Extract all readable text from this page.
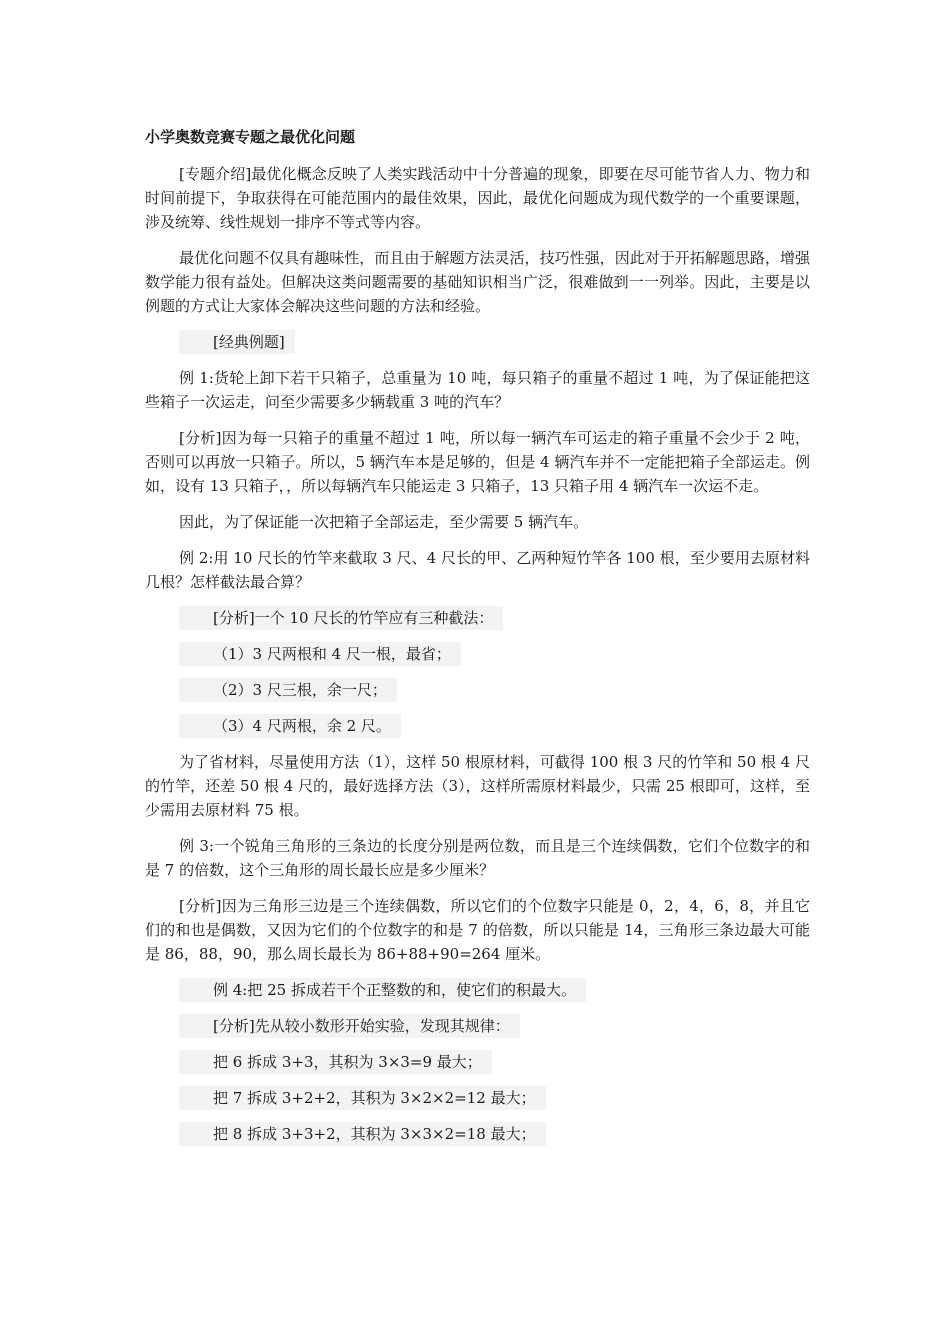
小学奥数竞赛专题之最优化问题

[专题介绍]最优化概念反映了人类实践活动中十分普遍的现象，即要在尽可能节省人力、物力和时间前提下，争取获得在可能范围内的最佳效果，因此，最优化问题成为现代数学的一个重要课题，涉及统筹、线性规划一排序不等式等内容。

最优化问题不仅具有趣味性，而且由于解题方法灵活，技巧性强，因此对于开拓解题思路，增强数学能力很有益处。但解决这类问题需要的基础知识相当广泛，很难做到一一列举。因此，主要是以例题的方式让大家体会解决这些问题的方法和经验。

[经典例题]

例 1:货轮上卸下若干只箱子，总重量为 10 吨，每只箱子的重量不超过 1 吨，为了保证能把这些箱子一次运走，问至少需要多少辆载重 3 吨的汽车？

[分析]因为每一只箱子的重量不超过 1 吨，所以每一辆汽车可运走的箱子重量不会少于 2 吨，否则可以再放一只箱子。所以，5 辆汽车本是足够的，但是 4 辆汽车并不一定能把箱子全部运走。例如，设有 13 只箱子，，所以每辆汽车只能运走 3 只箱子，13 只箱子用 4 辆汽车一次运不走。

因此，为了保证能一次把箱子全部运走，至少需要 5 辆汽车。

例 2:用 10 尺长的竹竿来截取 3 尺、4 尺长的甲、乙两种短竹竿各 100 根，至少要用去原材料几根？怎样截法最合算？

[分析]一个 10 尺长的竹竿应有三种截法：

（1）3 尺两根和 4 尺一根，最省；

（2）3 尺三根，余一尺；

（3）4 尺两根，余 2 尺。

为了省材料，尽量使用方法（1），这样 50 根原材料，可截得 100 根 3 尺的竹竿和 50 根 4 尺的竹竿，还差 50 根 4 尺的，最好选择方法（3），这样所需原材料最少，只需 25 根即可，这样，至少需用去原材料 75 根。

例 3:一个锐角三角形的三条边的长度分别是两位数，而且是三个连续偶数，它们个位数字的和是 7 的倍数，这个三角形的周长最长应是多少厘米？

[分析]因为三角形三边是三个连续偶数，所以它们的个位数字只能是 0，2，4，6，8，并且它们的和也是偶数，又因为它们的个位数字的和是 7 的倍数，所以只能是 14，三角形三条边最大可能是 86，88，90，那么周长最长为 86+88+90=264 厘米。

例 4:把 25 拆成若干个正整数的和，使它们的积最大。

[分析]先从较小数形开始实验，发现其规律：

把 6 拆成 3+3，其积为 3×3=9 最大；

把 7 拆成 3+2+2，其积为 3×2×2=12 最大；

把 8 拆成 3+3+2，其积为 3×3×2=18 最大；
